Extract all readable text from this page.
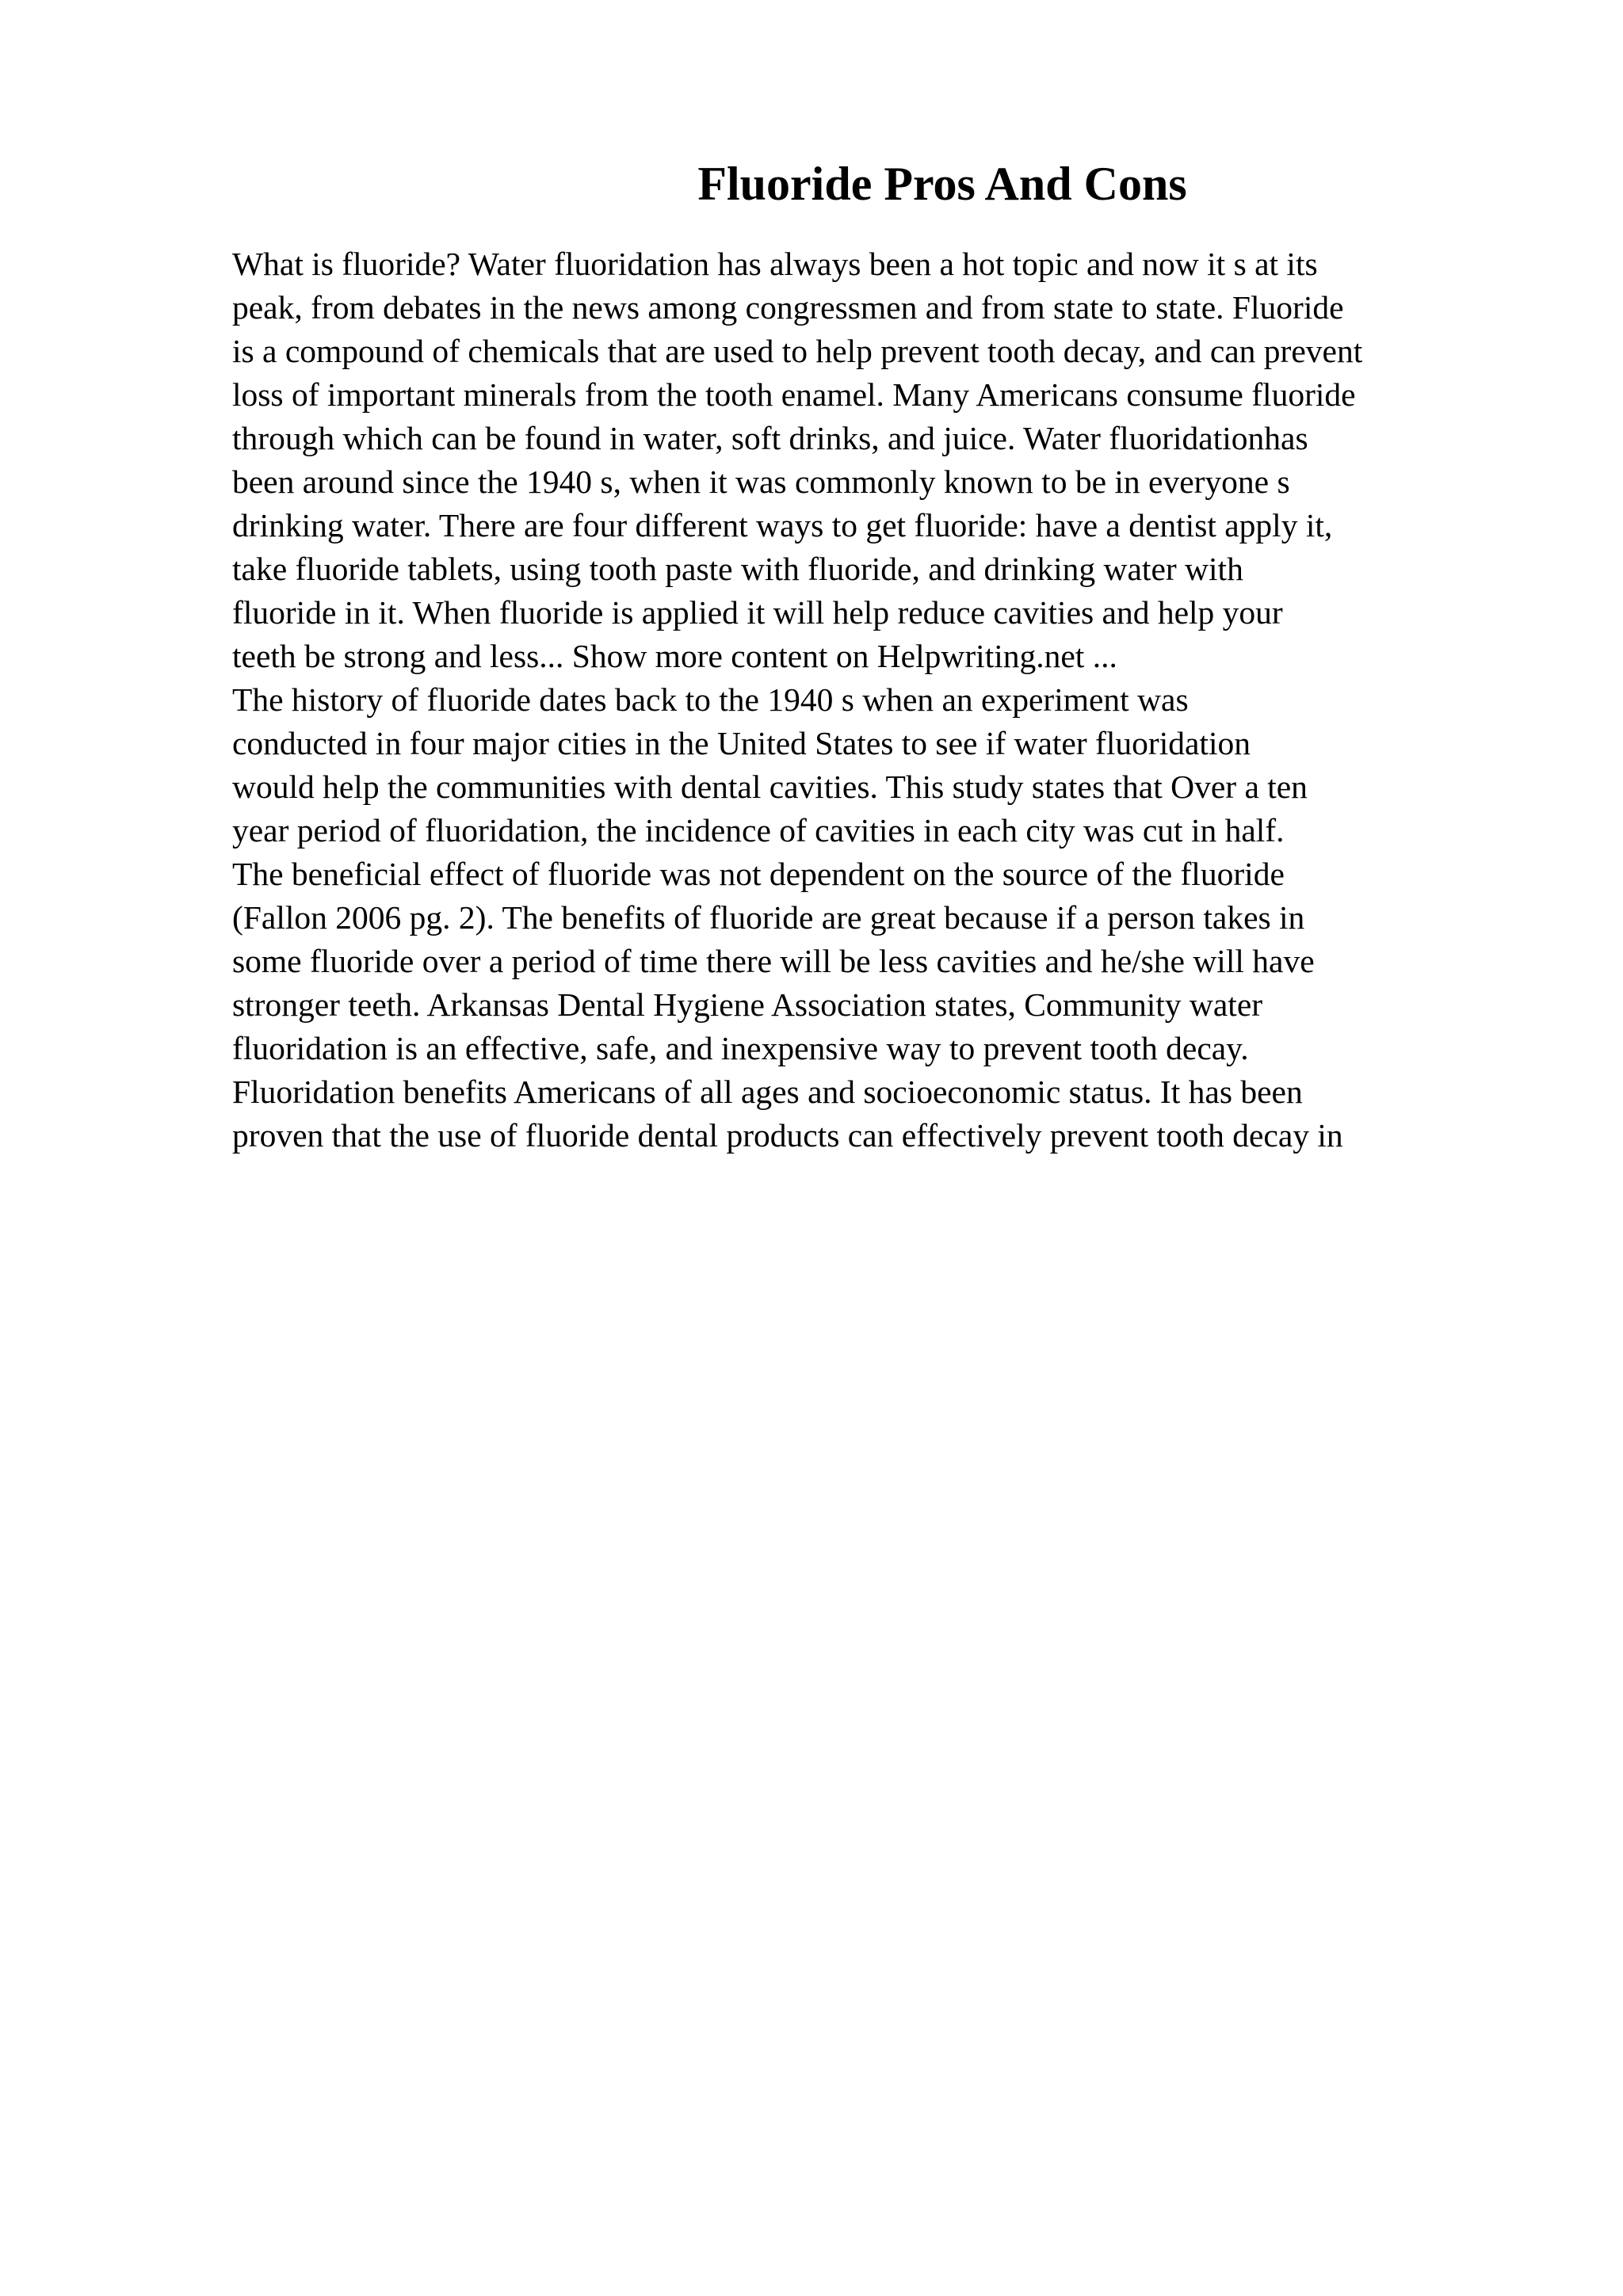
Fluoride Pros And Cons
What is fluoride? Water fluoridation has always been a hot topic and now it s at its
peak, from debates in the news among congressmen and from state to state. Fluoride
is a compound of chemicals that are used to help prevent tooth decay, and can prevent
loss of important minerals from the tooth enamel. Many Americans consume fluoride
through which can be found in water, soft drinks, and juice. Water fluoridationhas
been around since the 1940 s, when it was commonly known to be in everyone s
drinking water. There are four different ways to get fluoride: have a dentist apply it,
take fluoride tablets, using tooth paste with fluoride, and drinking water with
fluoride in it. When fluoride is applied it will help reduce cavities and help your
teeth be strong and less... Show more content on Helpwriting.net ...
The history of fluoride dates back to the 1940 s when an experiment was
conducted in four major cities in the United States to see if water fluoridation
would help the communities with dental cavities. This study states that Over a ten
year period of fluoridation, the incidence of cavities in each city was cut in half.
The beneficial effect of fluoride was not dependent on the source of the fluoride
(Fallon 2006 pg. 2). The benefits of fluoride are great because if a person takes in
some fluoride over a period of time there will be less cavities and he/she will have
stronger teeth. Arkansas Dental Hygiene Association states, Community water
fluoridation is an effective, safe, and inexpensive way to prevent tooth decay.
Fluoridation benefits Americans of all ages and socioeconomic status. It has been
proven that the use of fluoride dental products can effectively prevent tooth decay in
